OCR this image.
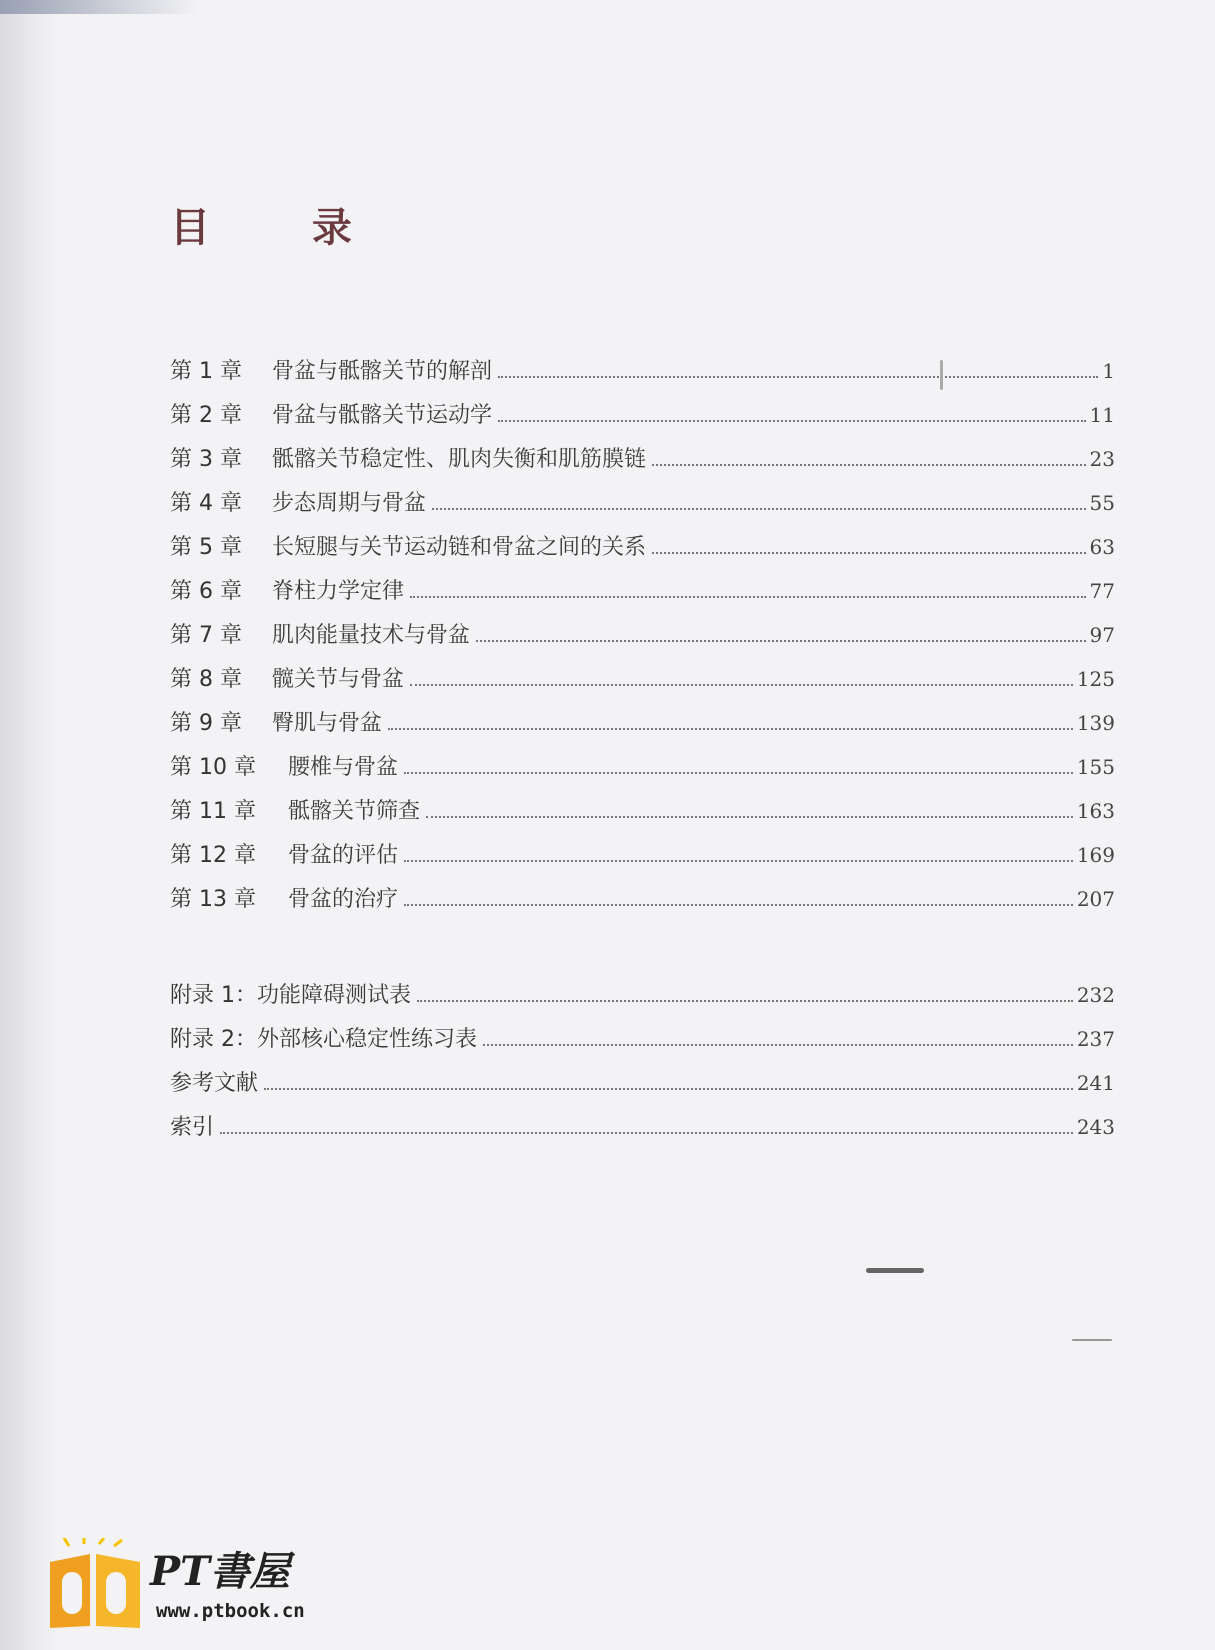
目 录
第 1 章	骨盆与骶髂关节的解剖	1
第 2 章	骨盆与骶髂关节运动学	11
第 3 章	骶髂关节稳定性、肌肉失衡和肌筋膜链	23
第 4 章	步态周期与骨盆	55
第 5 章	长短腿与关节运动链和骨盆之间的关系	63
第 6 章	脊柱力学定律	77
第 7 章	肌肉能量技术与骨盆	97
第 8 章	髋关节与骨盆	125
第 9 章	臀肌与骨盆	139
第 10 章	腰椎与骨盆	155
第 11 章	骶髂关节筛查	163
第 12 章	骨盆的评估	169
第 13 章	骨盆的治疗	207
附录 1： 功能障碍测试表	232
附录 2： 外部核心稳定性练习表	237
参考文献	241
索引	243
PT書屋
www.ptbook.cn
